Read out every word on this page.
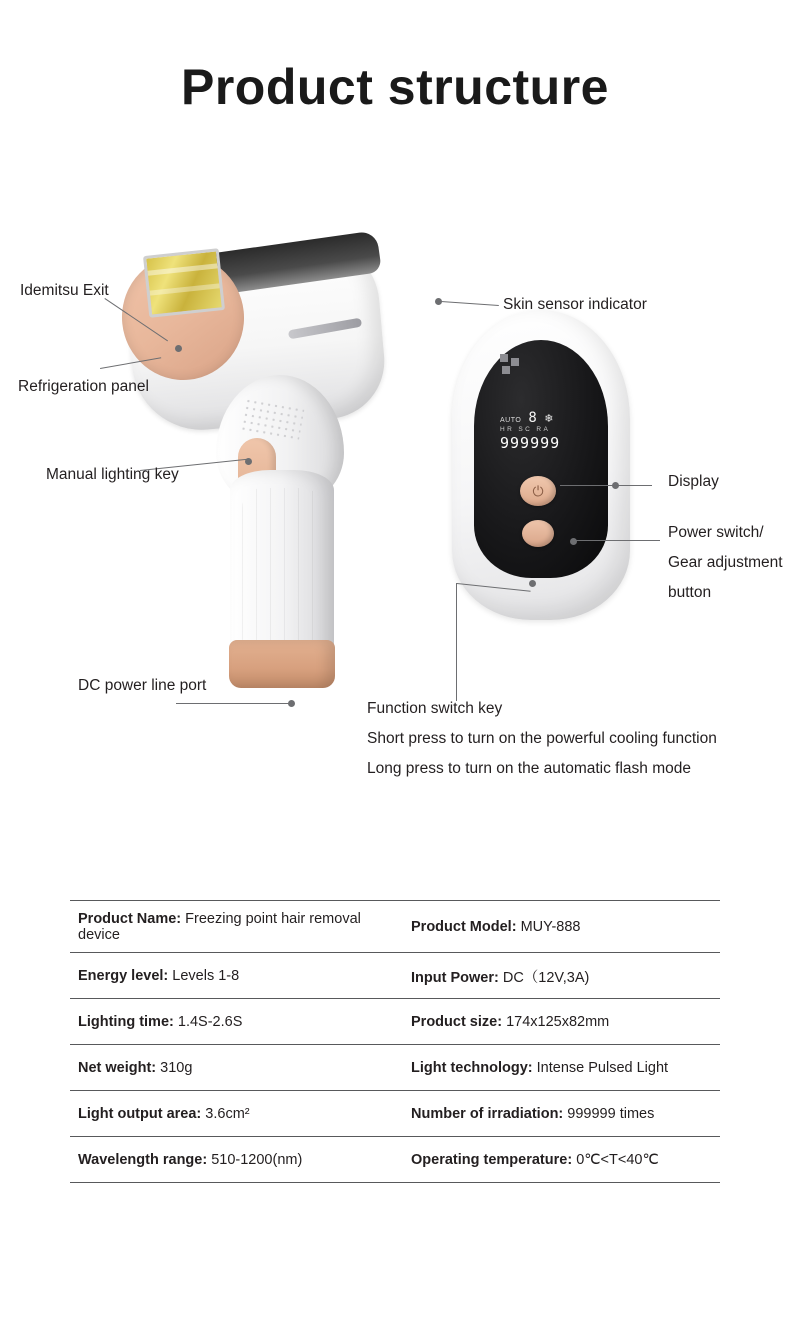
Product structure
AUTO 8 ❄
HR SC RA
999999
⏻
Idemitsu Exit
Refrigeration panel
Manual lighting key
DC power line port
Skin sensor indicator
Display
Power switch/
Gear adjustment
button
Function switch key
Short press to turn on the powerful cooling function
Long press to turn on the automatic flash mode
Product Name: Freezing point hair removal device	Product Model: MUY-888
Energy level: Levels 1-8	Input Power: DC（12V,3A)
Lighting time: 1.4S-2.6S	Product size: 174x125x82mm
Net weight: 310g	Light technology: Intense Pulsed Light
Light output area: 3.6cm²	Number of irradiation: 999999 times
Wavelength range: 510-1200(nm)	Operating temperature: 0℃<T<40℃
